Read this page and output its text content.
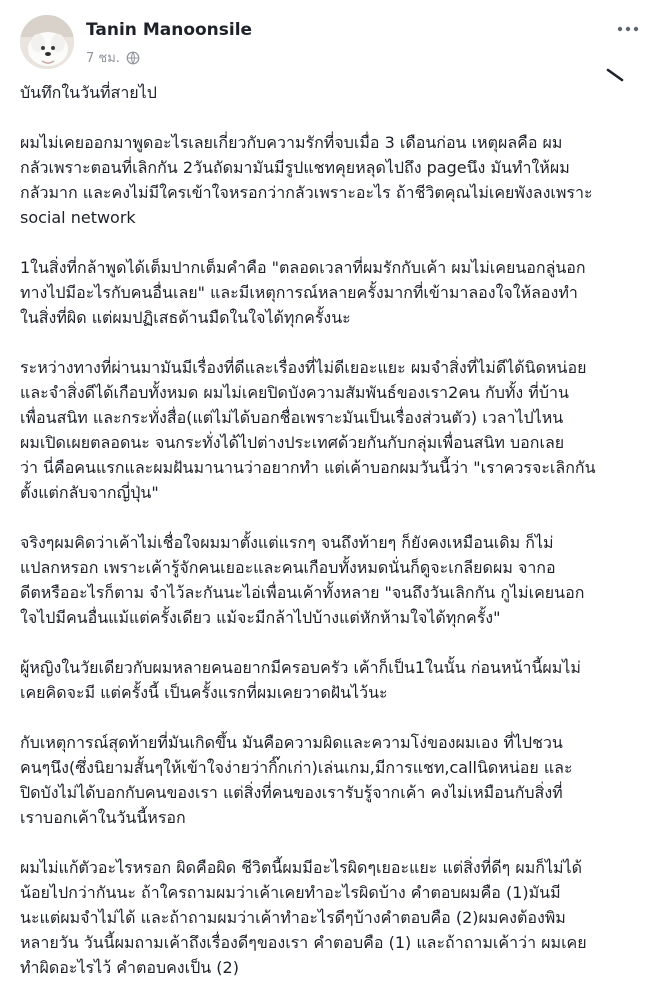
Tanin Manoonsile
7 ชม.

บันทึกในวันที่สายไป

ผมไม่เคยออกมาพูดอะไรเลยเกี่ยวกับความรักที่จบเมื่อ 3 เดือนก่อน เหตุผลคือ ผม
กลัวเพราะตอนที่เลิกกัน 2วันถัดมามันมีรูปแชทคุยหลุดไปถึง pageนึง มันทำให้ผม
กลัวมาก และคงไม่มีใครเข้าใจหรอกว่ากลัวเพราะอะไร ถ้าชีวิตคุณไม่เคยพังลงเพราะ
social network

1ในสิ่งที่กล้าพูดได้เต็มปากเต็มคำคือ "ตลอดเวลาที่ผมรักกับเค้า ผมไม่เคยนอกลู่นอก
ทางไปมีอะไรกับคนอื่นเลย" และมีเหตุการณ์หลายครั้งมากที่เข้ามาลองใจให้ลองทำ
ในสิ่งที่ผิด แต่ผมปฏิเสธด้านมืดในใจได้ทุกครั้งนะ

ระหว่างทางที่ผ่านมามันมีเรื่องที่ดีและเรื่องที่ไม่ดีเยอะแยะ ผมจำสิ่งที่ไม่ดีได้นิดหน่อย
และจำสิ่งดีได้เกือบทั้งหมด ผมไม่เคยปิดบังความสัมพันธ์ของเรา2คน กับทั้ง ที่บ้าน
เพื่อนสนิท และกระทั่งสื่อ(แต่ไม่ได้บอกชื่อเพราะมันเป็นเรื่องส่วนตัว) เวลาไปไหน
ผมเปิดเผยตลอดนะ จนกระทั่งได้ไปต่างประเทศด้วยกันกับกลุ่มเพื่อนสนิท บอกเลย
ว่า นี่คือคนแรกและผมฝันมานานว่าอยากทำ แต่เค้าบอกผมวันนี้ว่า "เราควรจะเลิกกัน
ตั้งแต่กลับจากญี่ปุ่น"

จริงๆผมคิดว่าเค้าไม่เชื่อใจผมมาตั้งแต่แรกๆ จนถึงท้ายๆ ก็ยังคงเหมือนเดิม ก็ไม่
แปลกหรอก เพราะเค้ารู้จักคนเยอะและคนเกือบทั้งหมดนั่นก็ดูจะเกลียดผม จากอ
ดีตหรืออะไรก็ตาม จำไว้ละกันนะไอ่เพื่อนเค้าทั้งหลาย "จนถึงวันเลิกกัน กูไม่เคยนอก
ใจไปมีคนอื่นแม้แต่ครั้งเดียว แม้จะมีกล้าไปบ้างแต่หักห้ามใจได้ทุกครั้ง"

ผู้หญิงในวัยเดียวกับผมหลายคนอยากมีครอบครัว เค้าก็เป็น1ในนั้น ก่อนหน้านี้ผมไม่
เคยคิดจะมี แต่ครั้งนี้ เป็นครั้งแรกที่ผมเคยวาดฝันไว้นะ

กับเหตุการณ์สุดท้ายที่มันเกิดขึ้น มันคือความผิดและความโง่ของผมเอง ที่ไปชวน
คนๆนึง(ซึ่งนิยามสั้นๆให้เข้าใจง่ายว่ากิ๊กเก่า)เล่นเกม,มีการแชท,callนิดหน่อย และ
ปิดบังไม่ได้บอกกับคนของเรา แต่สิ่งที่คนของเรารับรู้จากเค้า คงไม่เหมือนกับสิ่งที่
เราบอกเค้าในวันนี้หรอก

ผมไม่แก้ตัวอะไรหรอก ผิดคือผิด ชีวิตนี้ผมมีอะไรผิดๆเยอะแยะ แต่สิ่งที่ดีๆ ผมก็ไม่ได้
น้อยไปกว่ากันนะ ถ้าใครถามผมว่าเค้าเคยทำอะไรผิดบ้าง คำตอบผมคือ (1)มันมี
นะแต่ผมจำไม่ได้ และถ้าถามผมว่าเค้าทำอะไรดีๆบ้างคำตอบคือ (2)ผมคงต้องพิม
หลายวัน วันนี้ผมถามเค้าถึงเรื่องดีๆของเรา คำตอบคือ (1) และถ้าถามเค้าว่า ผมเคย
ทำผิดอะไรไว้ คำตอบคงเป็น (2)
